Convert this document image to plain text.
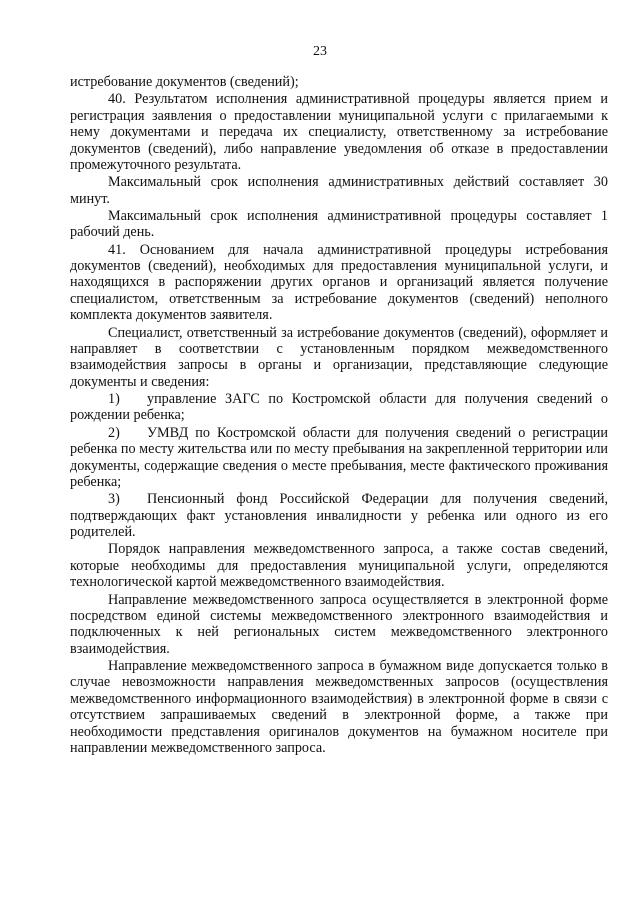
23

истребование документов (сведений);

40. Результатом исполнения административной процедуры является прием и регистрация заявления о предоставлении муниципальной услуги с прилагаемыми к нему документами и передача их специалисту, ответственному за истребование документов (сведений), либо направление уведомления об отказе в предоставлении промежуточного результата.

Максимальный срок исполнения административных действий составляет 30 минут.

Максимальный срок исполнения административной процедуры составляет 1 рабочий день.

41. Основанием для начала административной процедуры истребования документов (сведений), необходимых для предоставления муниципальной услуги, и находящихся в распоряжении других органов и организаций является получение специалистом, ответственным за истребование документов (сведений) неполного комплекта документов заявителя.

Специалист, ответственный за истребование документов (сведений), оформляет и направляет в соответствии с установленным порядком межведомственного взаимодействия запросы в органы и организации, представляющие следующие документы и сведения:

1) управление ЗАГС по Костромской области для получения сведений о рождении ребенка;

2) УМВД по Костромской области для получения сведений о регистрации ребенка по месту жительства или по месту пребывания на закрепленной территории или документы, содержащие сведения о месте пребывания, месте фактического проживания ребенка;

3) Пенсионный фонд Российской Федерации для получения сведений, подтверждающих факт установления инвалидности у ребенка или одного из его родителей.

Порядок направления межведомственного запроса, а также состав сведений, которые необходимы для предоставления муниципальной услуги, определяются технологической картой межведомственного взаимодействия.

Направление межведомственного запроса осуществляется в электронной форме посредством единой системы межведомственного электронного взаимодействия и подключенных к ней региональных систем межведомственного электронного взаимодействия.

Направление межведомственного запроса в бумажном виде допускается только в случае невозможности направления межведомственных запросов (осуществления межведомственного информационного взаимодействия) в электронной форме в связи с отсутствием запрашиваемых сведений в электронной форме, а также при необходимости представления оригиналов документов на бумажном носителе при направлении межведомственного запроса.
